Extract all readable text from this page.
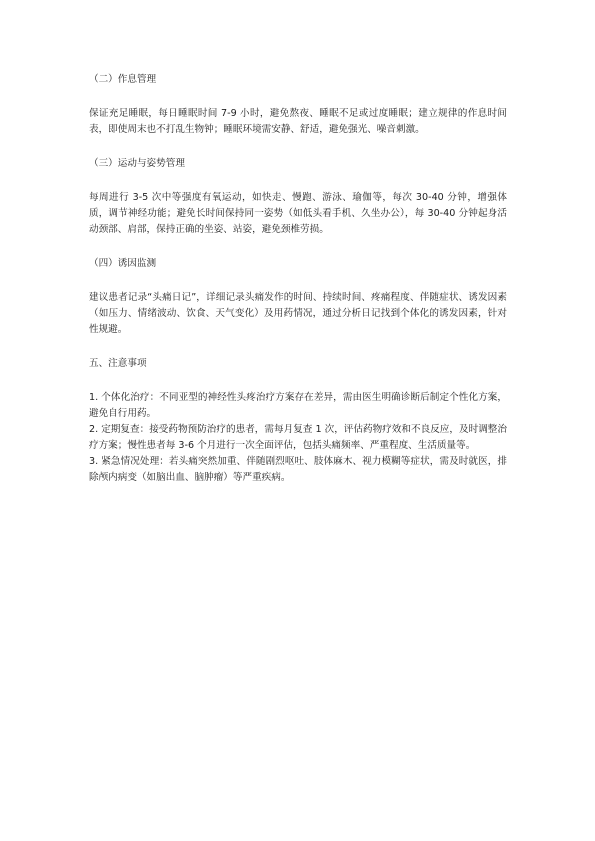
（二）作息管理

保证充足睡眠，每日睡眠时间 7-9 小时，避免熬夜、睡眠不足或过度睡眠；建立规律的作息时间表，即使周末也不打乱生物钟；睡眠环境需安静、舒适，避免强光、噪音刺激。

（三）运动与姿势管理

每周进行 3-5 次中等强度有氧运动，如快走、慢跑、游泳、瑜伽等，每次 30-40 分钟，增强体质，调节神经功能；避免长时间保持同一姿势（如低头看手机、久坐办公），每 30-40 分钟起身活动颈部、肩部，保持正确的坐姿、站姿，避免颈椎劳损。

（四）诱因监测

建议患者记录“头痛日记”，详细记录头痛发作的时间、持续时间、疼痛程度、伴随症状、诱发因素（如压力、情绪波动、饮食、天气变化）及用药情况，通过分析日记找到个体化的诱发因素，针对性规避。

五、注意事项

1. 个体化治疗：不同亚型的神经性头疼治疗方案存在差异，需由医生明确诊断后制定个性化方案，避免自行用药。

2. 定期复查：接受药物预防治疗的患者，需每月复查 1 次，评估药物疗效和不良反应，及时调整治疗方案；慢性患者每 3-6 个月进行一次全面评估，包括头痛频率、严重程度、生活质量等。

3. 紧急情况处理：若头痛突然加重、伴随剧烈呕吐、肢体麻木、视力模糊等症状，需及时就医，排除颅内病变（如脑出血、脑肿瘤）等严重疾病。
